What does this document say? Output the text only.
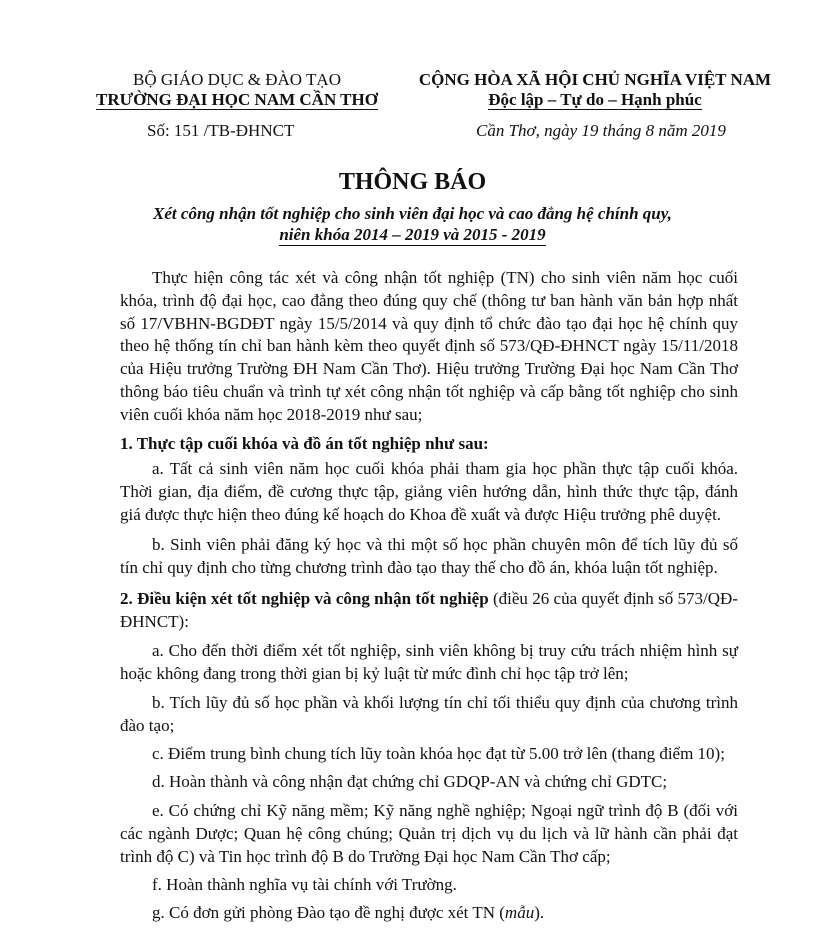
BỘ GIÁO DỤC & ĐÀO TẠO
TRƯỜNG ĐẠI HỌC NAM CẦN THƠ
CỘNG HÒA XÃ HỘI CHỦ NGHĨA VIỆT NAM
Độc lập – Tự do – Hạnh phúc
Số: 151 /TB-ĐHNCT	Cần Thơ, ngày 19 tháng 8 năm 2019
THÔNG BÁO
Xét công nhận tốt nghiệp cho sinh viên đại học và cao đẳng hệ chính quy,
niên khóa 2014 – 2019 và 2015 - 2019
Thực hiện công tác xét và công nhận tốt nghiệp (TN) cho sinh viên năm học cuối khóa, trình độ đại học, cao đẳng theo đúng quy chế (thông tư ban hành văn bản hợp nhất số 17/VBHN-BGDĐT ngày 15/5/2014 và quy định tổ chức đào tạo đại học hệ chính quy theo hệ thống tín chỉ ban hành kèm theo quyết định số 573/QĐ-ĐHNCT ngày 15/11/2018 của Hiệu trưởng Trường ĐH Nam Cần Thơ). Hiệu trưởng Trường Đại học Nam Cần Thơ thông báo tiêu chuẩn và trình tự xét công nhận tốt nghiệp và cấp bằng tốt nghiệp cho sinh viên cuối khóa năm học 2018-2019 như sau;
1. Thực tập cuối khóa và đồ án tốt nghiệp như sau:
a. Tất cả sinh viên năm học cuối khóa phải tham gia học phần thực tập cuối khóa. Thời gian, địa điểm, đề cương thực tập, giảng viên hướng dẫn, hình thức thực tập, đánh giá được thực hiện theo đúng kế hoạch do Khoa đề xuất và được Hiệu trưởng phê duyệt.
b. Sinh viên phải đăng ký học và thi một số học phần chuyên môn để tích lũy đủ số tín chỉ quy định cho từng chương trình đào tạo thay thế cho đồ án, khóa luận tốt nghiệp.
2. Điều kiện xét tốt nghiệp và công nhận tốt nghiệp (điều 26 của quyết định số 573/QĐ-ĐHNCT):
a. Cho đến thời điểm xét tốt nghiệp, sinh viên không bị truy cứu trách nhiệm hình sự hoặc không đang trong thời gian bị kỷ luật từ mức đình chỉ học tập trở lên;
b. Tích lũy đủ số học phần và khối lượng tín chỉ tối thiểu quy định của chương trình đào tạo;
c. Điểm trung bình chung tích lũy toàn khóa học đạt từ 5.00 trở lên (thang điểm 10);
d. Hoàn thành và công nhận đạt chứng chỉ GDQP-AN và chứng chỉ GDTC;
e. Có chứng chỉ Kỹ năng mềm; Kỹ năng nghề nghiệp; Ngoại ngữ trình độ B (đối với các ngành Dược; Quan hệ công chúng; Quản trị dịch vụ du lịch và lữ hành cần phải đạt trình độ C) và Tin học trình độ B do Trường Đại học Nam Cần Thơ cấp;
f. Hoàn thành nghĩa vụ tài chính với Trường.
g. Có đơn gửi phòng Đào tạo đề nghị được xét TN (mẫu).
